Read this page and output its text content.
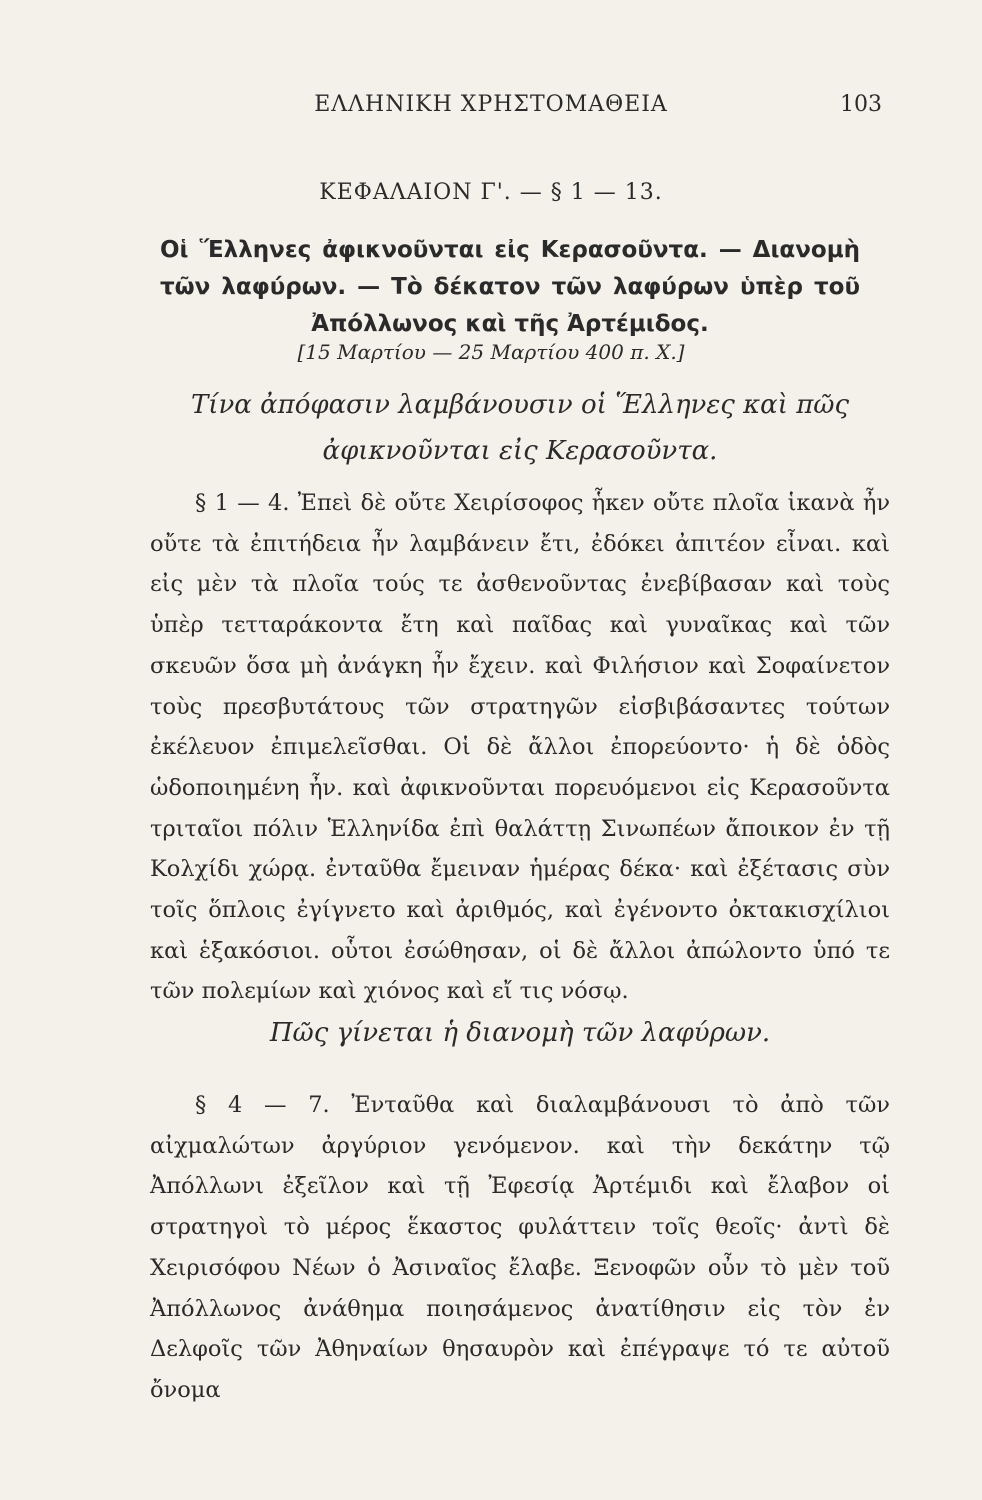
ΕΛΛΗΝΙΚΗ ΧΡΗΣΤΟΜΑΘΕΙΑ	103
ΚΕΦΑΛΑΙΟΝ Γ'. — § 1 — 13.
Οἱ Ἕλληνες ἀφικνοῦνται εἰς Κερασοῦντα. — Διανομὴ τῶν λαφύρων. — Τὸ δέκατον τῶν λαφύρων ὑπὲρ τοῦ Ἀπόλλωνος καὶ τῆς Ἀρτέμιδος.
[15 Μαρτίου — 25 Μαρτίου 400 π. Χ.]
Τίνα ἀπόφασιν λαμβάνουσιν οἱ Ἕλληνες καὶ πῶς ἀφικνοῦνται εἰς Κερασοῦντα.
§ 1 — 4. Ἐπεὶ δὲ οὔτε Χειρίσοφος ἧκεν οὔτε πλοῖα ἱκανὰ ἦν οὔτε τὰ ἐπιτήδεια ἦν λαμβάνειν ἔτι, ἐδόκει ἀπιτέον εἶναι. καὶ εἰς μὲν τὰ πλοῖα τούς τε ἀσθενοῦντας ἐνεβίβασαν καὶ τοὺς ὑπὲρ τετταράκοντα ἔτη καὶ παῖδας καὶ γυναῖκας καὶ τῶν σκευῶν ὅσα μὴ ἀνάγκη ἦν ἔχειν. καὶ Φιλήσιον καὶ Σοφαίνετον τοὺς πρεσβυτάτους τῶν στρατηγῶν εἰσβιβάσαντες τούτων ἐκέλευον ἐπιμελεῖσθαι. Οἱ δὲ ἄλλοι ἐπορεύοντο· ἡ δὲ ὁδὸς ὡδοποιημένη ἦν. καὶ ἀφικνοῦνται πορευόμενοι εἰς Κερασοῦντα τριταῖοι πόλιν Ἑλληνίδα ἐπὶ θαλάττῃ Σινωπέων ἄποικον ἐν τῇ Κολχίδι χώρᾳ. ἐνταῦθα ἔμειναν ἡμέρας δέκα· καὶ ἐξέτασις σὺν τοῖς ὅπλοις ἐγίγνετο καὶ ἀριθμός, καὶ ἐγένοντο ὀκτακισχίλιοι καὶ ἑξακόσιοι. οὗτοι ἐσώθησαν, οἱ δὲ ἄλλοι ἀπώλοντο ὑπό τε τῶν πολεμίων καὶ χιόνος καὶ εἴ τις νόσῳ.
Πῶς γίνεται ἡ διανομὴ τῶν λαφύρων.
§ 4 — 7. Ἐνταῦθα καὶ διαλαμβάνουσι τὸ ἀπὸ τῶν αἰχμαλώτων ἀργύριον γενόμενον. καὶ τὴν δεκάτην τῷ Ἀπόλλωνι ἐξεῖλον καὶ τῇ Ἐφεσίᾳ Ἀρτέμιδι καὶ ἔλαβον οἱ στρατηγοὶ τὸ μέρος ἕκαστος φυλάττειν τοῖς θεοῖς· ἀντὶ δὲ Χειρισόφου Νέων ὁ Ἀσιναῖος ἔλαβε. Ξενοφῶν οὖν τὸ μὲν τοῦ Ἀπόλλωνος ἀνάθημα ποιησάμενος ἀνατίθησιν εἰς τὸν ἐν Δελφοῖς τῶν Ἀθηναίων θησαυρὸν καὶ ἐπέγραψε τό τε αὐτοῦ ὄνομα
